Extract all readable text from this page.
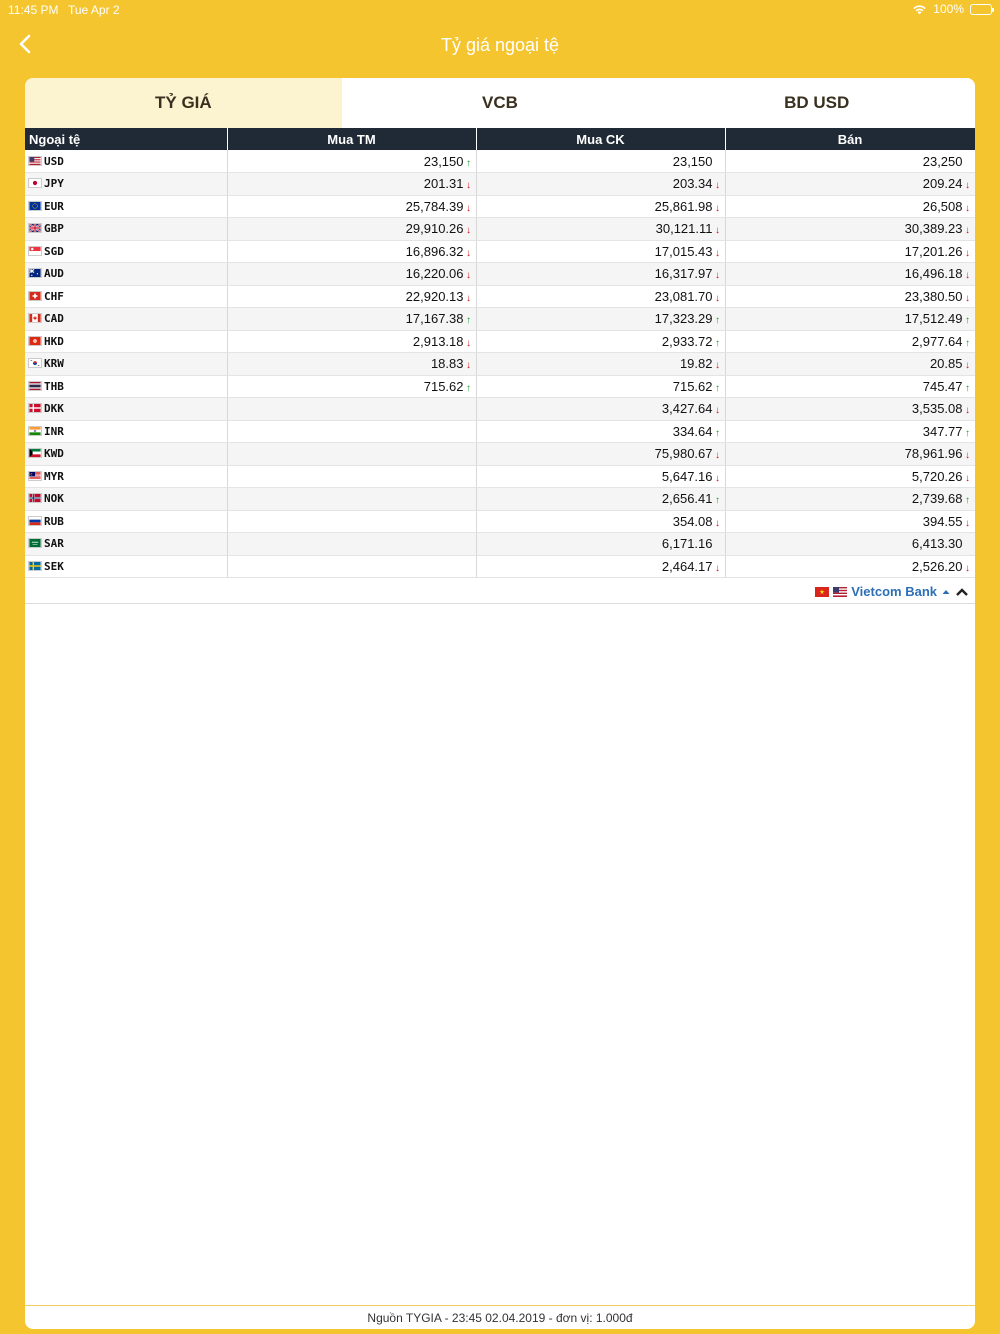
11:45 PM Tue Apr 2	100%
Tỷ giá ngoại tệ
TỶ GIÁ	VCB	BD USD
Ngoại tệ	Mua TM	Mua CK	Bán
USD	23,150 ↑	23,150	23,250
JPY	201.31 ↓	203.34 ↓	209.24 ↓
EUR	25,784.39 ↓	25,861.98 ↓	26,508 ↓
GBP	29,910.26 ↓	30,121.11 ↓	30,389.23 ↓
SGD	16,896.32 ↓	17,015.43 ↓	17,201.26 ↓
AUD	16,220.06 ↓	16,317.97 ↓	16,496.18 ↓
CHF	22,920.13 ↓	23,081.70 ↓	23,380.50 ↓
CAD	17,167.38 ↑	17,323.29 ↑	17,512.49 ↑
HKD	2,913.18 ↓	2,933.72 ↑	2,977.64 ↑
KRW	18.83 ↓	19.82 ↓	20.85 ↓
THB	715.62 ↑	715.62 ↑	745.47 ↑
DKK		3,427.64 ↓	3,535.08 ↓
INR		334.64 ↑	347.77 ↑
KWD		75,980.67 ↓	78,961.96 ↓
MYR		5,647.16 ↓	5,720.26 ↓
NOK		2,656.41 ↑	2,739.68 ↑
RUB		354.08 ↓	394.55 ↓
SAR		6,171.16	6,413.30
SEK		2,464.17 ↓	2,526.20 ↓
Vietcom Bank
Nguồn TYGIA - 23:45 02.04.2019 - đơn vị: 1.000đ
